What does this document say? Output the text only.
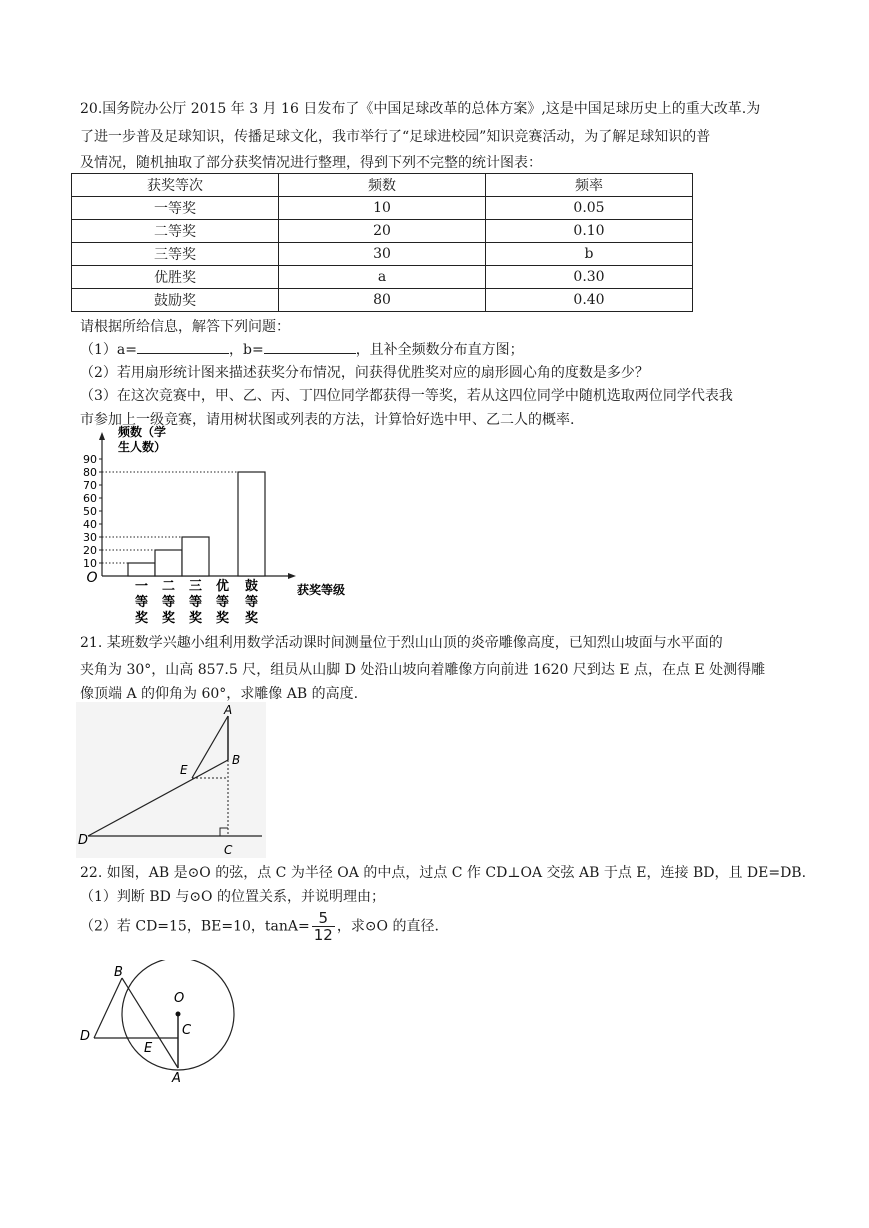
20.国务院办公厅 2015 年 3 月 16 日发布了《中国足球改革的总体方案》,这是中国足球历史上的重大改革.为
了进一步普及足球知识，传播足球文化，我市举行了“足球进校园”知识竞赛活动，为了解足球知识的普
及情况，随机抽取了部分获奖情况进行整理，得到下列不完整的统计图表：
获奖等次	频数	频率
一等奖	10	0.05
二等奖	20	0.10
三等奖	30	b
优胜奖	a	0.30
鼓励奖	80	0.40
请根据所给信息，解答下列问题：
（1）a=	，b=	，且补全频数分布直方图；
（2）若用扇形统计图来描述获奖分布情况，问获得优胜奖对应的扇形圆心角的度数是多少？
（3）在这次竞赛中，甲、乙、丙、丁四位同学都获得一等奖，若从这四位同学中随机选取两位同学代表我
市参加上一级竞赛，请用树状图或列表的方法，计算恰好选中甲、乙二人的概率.
O
频数（学
生人数）
获奖等级
10
20
30
40
50
60
70
80
90
一
等
奖
二
等
奖
三
等
奖
优
等
奖
鼓
等
奖
21. 某班数学兴趣小组利用数学活动课时间测量位于烈山山顶的炎帝雕像高度，已知烈山坡面与水平面的
夹角为 30°，山高 857.5 尺，组员从山脚 D 处沿山坡向着雕像方向前进 1620 尺到达 E 点，在点 E 处测得雕
像顶端 A 的仰角为 60°，求雕像 AB 的高度.
A
B
E
D
C
22. 如图，AB 是⊙O 的弦，点 C 为半径 OA 的中点，过点 C 作 CD⊥OA 交弦 AB 于点 E，连接 BD，且 DE=DB.
（1）判断 BD 与⊙O 的位置关系，并说明理由；
（2）若 CD=15，BE=10，$\tan A= \frac{5}{12}$ ，求⊙O 的直径.
O
B
D
E
C
A
